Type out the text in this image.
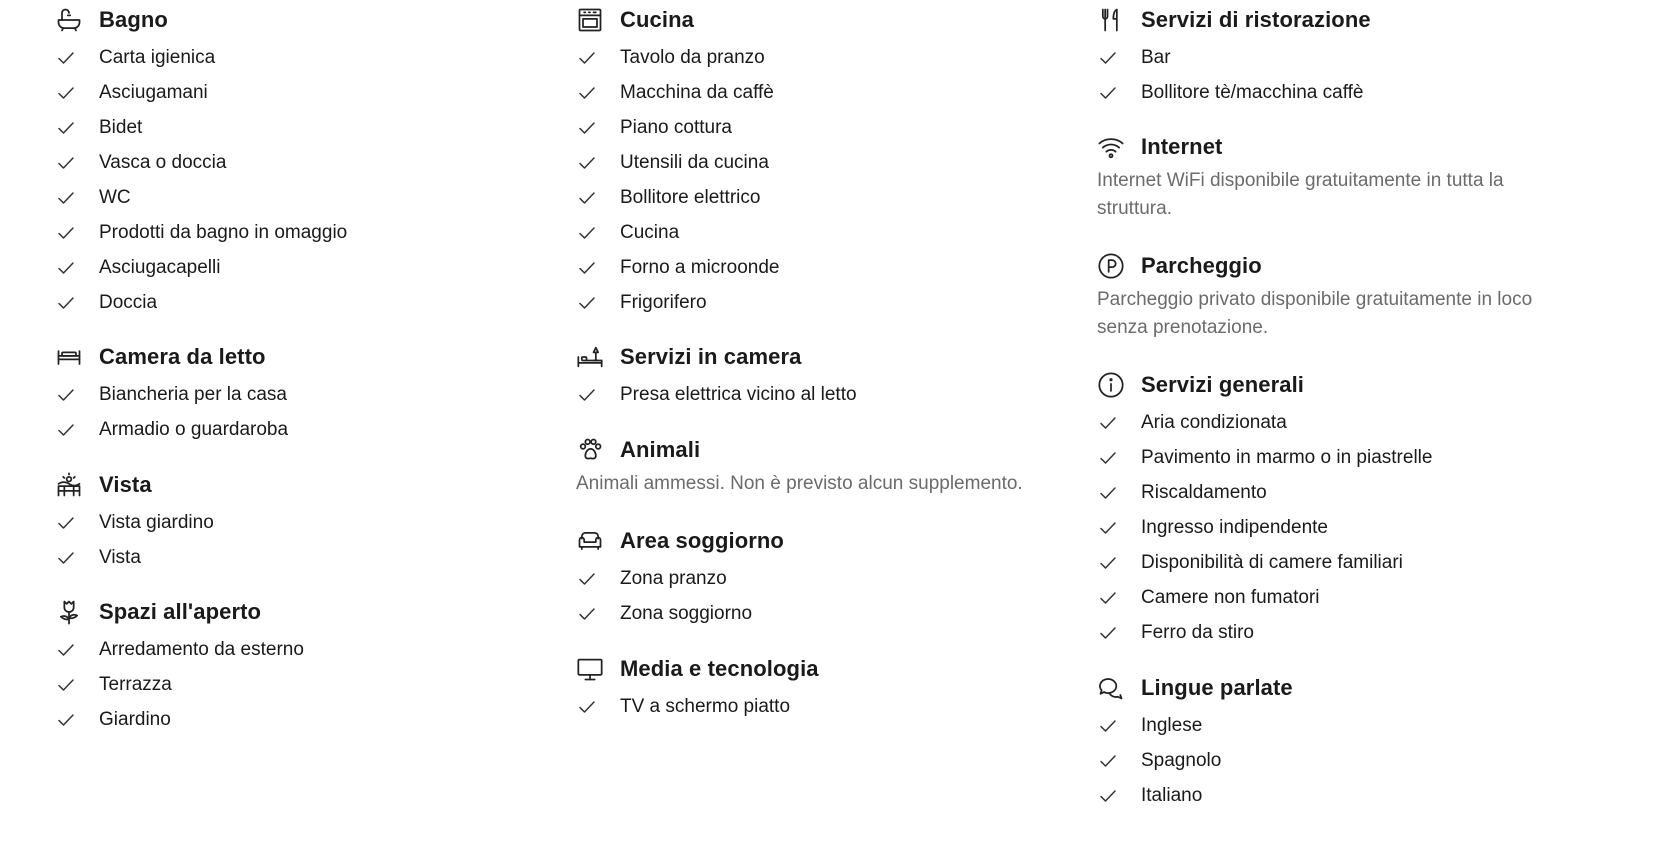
Bagno
Carta igienica
Asciugamani
Bidet
Vasca o doccia
WC
Prodotti da bagno in omaggio
Asciugacapelli
Doccia
Camera da letto
Biancheria per la casa
Armadio o guardaroba
Vista
Vista giardino
Vista
Spazi all'aperto
Arredamento da esterno
Terrazza
Giardino
Cucina
Tavolo da pranzo
Macchina da caffè
Piano cottura
Utensili da cucina
Bollitore elettrico
Cucina
Forno a microonde
Frigorifero
Servizi in camera
Presa elettrica vicino al letto
Animali

Animali ammessi. Non è previsto alcun supplemento.

Area soggiorno
Zona pranzo
Zona soggiorno
Media e tecnologia
TV a schermo piatto
Servizi di ristorazione
Bar
Bollitore tè/macchina caffè
Internet

Internet WiFi disponibile gratuitamente in tutta la struttura.

Parcheggio

Parcheggio privato disponibile gratuitamente in loco senza prenotazione.

Servizi generali
Aria condizionata
Pavimento in marmo o in piastrelle
Riscaldamento
Ingresso indipendente
Disponibilità di camere familiari
Camere non fumatori
Ferro da stiro
Lingue parlate
Inglese
Spagnolo
Italiano
